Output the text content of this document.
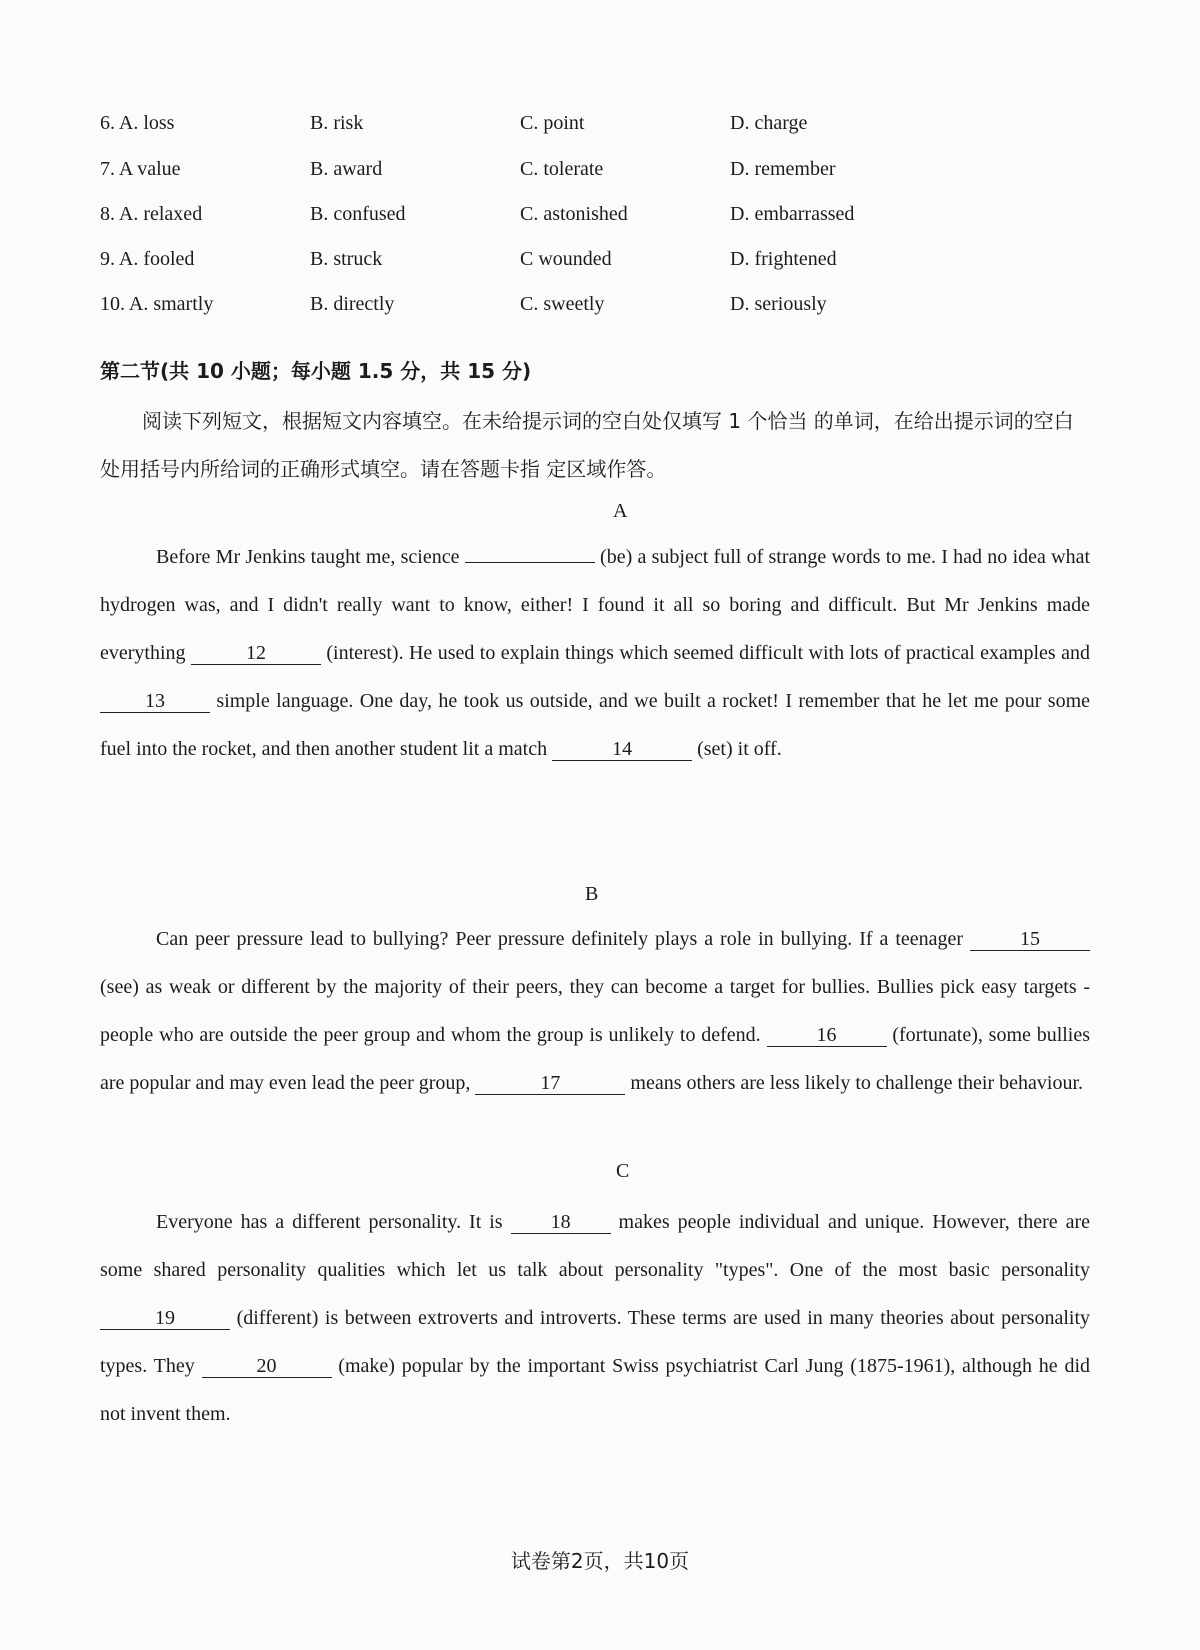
6. A. loss	B. risk	C. point	D. charge
7. A value	B. award	C. tolerate	D. remember
8. A. relaxed	B. confused	C. astonished	D. embarrassed
9. A. fooled	B. struck	C wounded	D. frightened
10. A. smartly	B. directly	C. sweetly	D. seriously
第二节(共 10 小题；每小题 1.5 分，共 15 分)
阅读下列短文，根据短文内容填空。在未给提示词的空白处仅填写 1 个恰当 的单词，在给出提示词的空白处用括号内所给词的正确形式填空。请在答题卡指 定区域作答。
A
Before Mr Jenkins taught me, science	(be) a subject full of strange words to me. I had no idea what hydrogen was, and I didn't really want to know, either! I found it all so boring and difficult. But Mr Jenkins made everything	12	(interest). He used to explain things which seemed difficult with lots of practical examples and 13	simple language. One day, he took us outside, and we built a rocket! I remember that he let me pour some fuel into the rocket, and then another student lit a match	14	(set) it off.
B
Can peer pressure lead to bullying? Peer pressure definitely plays a role in bullying. If a teenager	15 (see) as weak or different by the majority of their peers, they can become a target for bullies. Bullies pick easy targets - people who are outside the peer group and whom the group is unlikely to defend.	16	(fortunate), some bullies are popular and may even lead the peer group,	17	means others are less likely to challenge their behaviour.
C
Everyone has a different personality. It is 18 makes people individual and unique. However, there are some shared personality qualities which let us talk about personality "types". One of the most basic personality 19	(different) is between extroverts and introverts. These terms are used in many theories about personality types. They	20	(make) popular by the important Swiss psychiatrist Carl Jung (1875-1961), although he did not invent them.
试卷第2页，共10页
